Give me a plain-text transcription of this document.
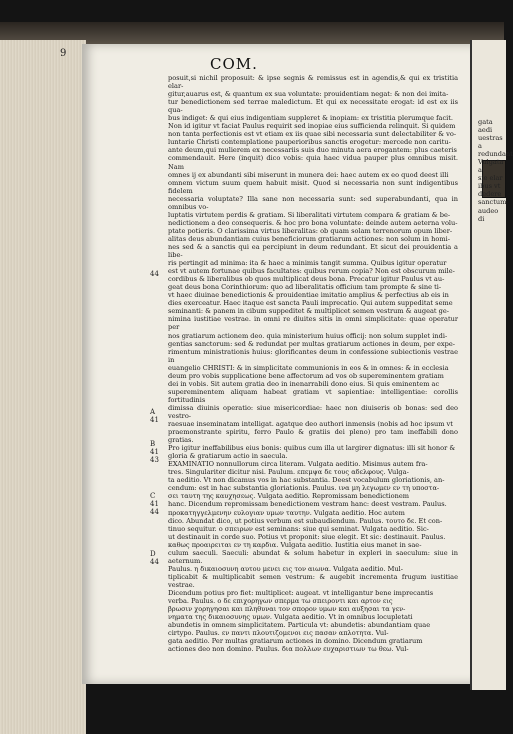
9
COM.

posuit,si nichil proposuit: & ipse segnis & remissus est in agendis,& qui ex tristitia elar-

gitur,auarus est, & quantum ex sua voluntate: prouidentiam negat: & non dei imita-

tur benedictionem sed terrae maledictum. Et qui ex necessitate erogat: id est ex iis qua-

bus indiget: & qui eius indigentiam suppleret & inopiam: ex tristitia plerumque facit.

Non id igitur vt faciat Paulus requirit sed inopiae eius sufficienda relinquit. Si quidem

non tanta perfectionis est vt etiam ex iis quae sibi necessaria sunt delectabiliter & vo-

luntarie Christi contemplatione pauperioribus sanctis erogetur: mercede non caritu-

ante deum,qui mulierem ex necessariis suis duo minuta aera erogantem: plus caeteris

commendauit. Here (inquit) dico vobis: quia haec vidua pauper plus omnibus misit. Nam

omnes ij ex abundanti sibi miserunt in munera dei: haec autem ex eo quod deest illi

omnem victum suum quem habuit misit. Quod si necessaria non sunt indigentibus fidelem

necessaria voluptate? Illa sane non necessaria sunt: sed superabundanti, qua in omnibus vo-

luptatis virtutem perdis & gratiam. Si liberalitati virtutem compara & gratiam & be-

nedictionem a deo consequeris. & hoc pro bona voluntate: deinde autem aeterna volu-

ptate potieris. O clarissima virtus liberalitas: ob quam solam terrenorum opum liber-

alitas deus abundantiam cuius beneficiorum gratiarum actiones: non solum in homi-

nes sed & a sanctis qui ea percipiunt in deum redundant. Et sicut dei prouidentia a libe-

ris pertingit ad minima: ita & haec a minimis tangit summa. Quibus igitur operatur

est vt autem fortunae quibus facultates: quibus rerum copia? Non est obscurum mile-

cordibus & liberalibus ob quos multiplicat deus bona. Precatur igitur Paulus vt au-

geat deus bona Corinthiorum: quo ad liberalitatis officium tam prompte & sine ti-

vt haec diuinae benedictionis & prouidentiae imitatio amplius & perfectius ab eis in

dies exerceatur. Haec itaque est sancta Pauli imprecatio. Qui autem suppeditat seme

seminanti: & panem in cibum suppeditet & multiplicet semen vestrum & augeat ge-

nimina iustitiae vestrae. in omni re diuites sitis in omni simplicitate: quae operatur per

nos gratiarum actionem deo. quia ministerium huius officij: non solum supplet indi-

gentias sanctorum: sed & redundat per multas gratiarum actiones in deum, per expe-

rimentum ministrationis huius: glorificantes deum in confessione subiectionis vestrae in

euangelio CHRISTI: & in simplicitate communionis in eos & in omnes: & in ecclesia

deum pro vobis supplicatione bene affectorum ad vos ob supereminentem gratiam

dei in vobis. Sit autem gratia deo in inenarrabili dono eius. Si quis eminentem ac

supereminentem aliquam habeat gratiam vt sapientiae: intelligentiae: corollis fortitudinis

dimissa diuinis operatio: siue misericordiae: haec non diuiseris ob bonas: sed deo vestro-

raesuae inseminatam intelligat. agatque deo authori inmensis (nobis ad hoc ipsum vt

praemonstrante spiritu, ferro Paulo & gratiis dei pleno) pro tam ineffabili dono gratias.

Pro igitur ineffabilibus eius bonis: quibus cum illa ut largirer dignatus: illi sit honor &

gloria & gratiarum actio in saecula.

EXAMINATIO nonnullorum circa literam. Vulgata aeditio. Misimus autem fra-

tres. Singulariter dicitur nisi. Paulum. επεμψα δε τους αδελφους. Vulga-

ta aeditio. Vt non dicamus vos in hac substantia. Deest vocabulum gloriationis, an-

cendum: est in hac substantia gloriationis. Paulus. ινα μη λεγωμεν εν τη υποστα-

σει ταυτη της καυχησεως. Vulgata aeditio. Repromissam benedictionem

hanc. Dicendum repromissam benedictionem vestram hanc: deest vestram. Paulus.

προκατηγγελμενην ευλογιαν υμων ταυτην. Vulgata aeditio. Hoc autem

dico. Abundat dico, ut potius verbum est subaudiendum. Paulus. τουτο δε. Et con-

tinuo sequitur. ο σπειρων est seminans: siue qui seminat. Vulgata aeditio. Sic-

ut destinauit in corde suo. Potius vt proponit: siue elegit. Et sic: destinauit. Paulus.

καθως προαιρειται εν τη καρδια. Vulgata aeditio. Iustitia eius manet in sae-

culum saeculi. Saeculi: abundat & solum habetur in expleri in saeculum: siue in aeternum.

Paulus. η δικαιοσυνη αυτου μενει εις τον αιωνα. Vulgata aeditio. Mul-

tiplicabit & multiplicabit semen vestrum: & augebit incrementa frugum iustitiae vestrae.

Dicendum potius pro fiet: multiplicet: augeat. vt intelligantur bene imprecantis

verba. Paulus. ο δε επιχορηγων σπερμα τω σπειροντι και αρτον εις

βρωσιν χορηγησαι και πληθυναι τον σπορον υμων και αυξησαι τα γεν-

νηματα της δικαιοσυνης υμων. Vulgata aeditio. Vt in omnibus locupletati

abundetis in omnem simplicitatem. Particula vt: abundetis: abundantiam quae

cirtypo. Paulus. εν παντι πλουτιζομενοι εις πασαν απλοτητα. Vul-

gata aeditio. Per multas gratiarum actiones in domino. Dicendum gratiarum

actiones deo non domino. Paulus. δια πολλων ευχαριστιων τω θεω. Vul-

44
A
41
B
41
43
C
41
44
D
44
gata aedi
uestras a
redundant
Vulgata a
sie elar
ibus vt
dedere
sanctum
audeo di
